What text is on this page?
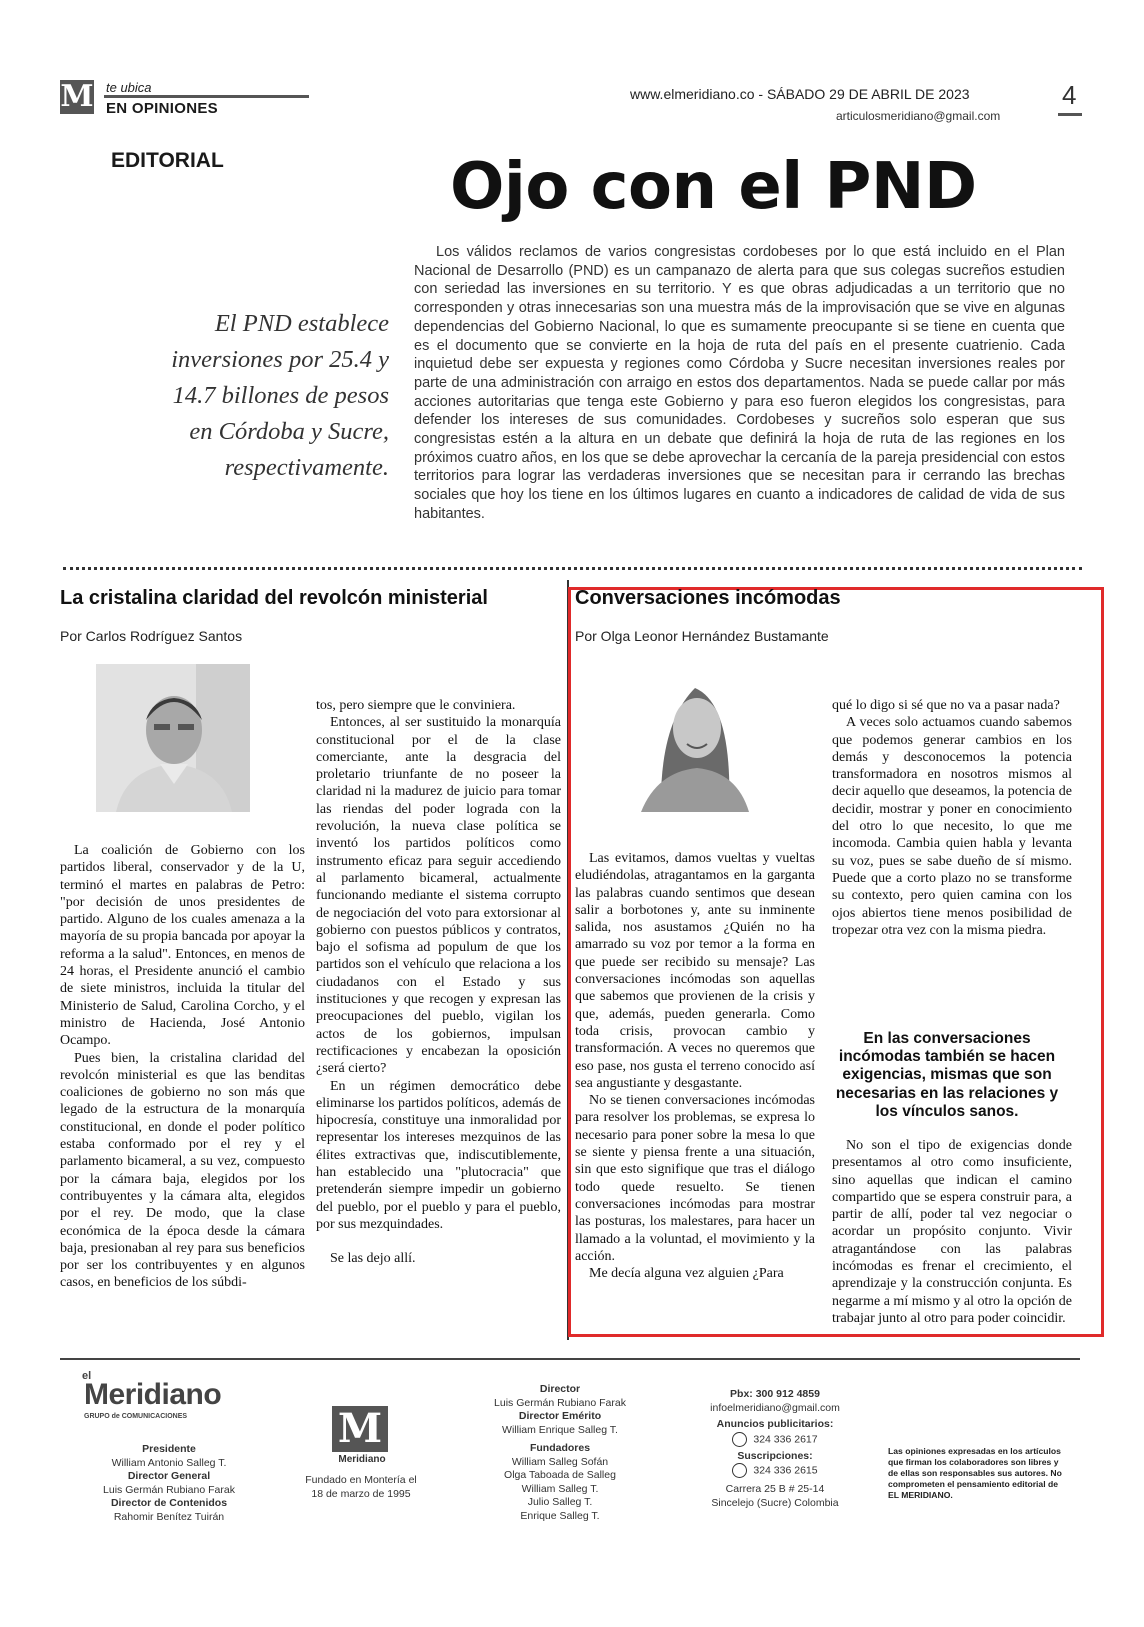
M te ubica
EN OPINIONES
www.elmeridiano.co - SÁBADO 29 DE ABRIL DE 2023
articulosmeridiano@gmail.com
4
EDITORIAL	Ojo con el PND
El PND establece inversiones por 25.4 y 14.7 billones de pesos en Córdoba y Sucre, respectivamente.
Los válidos reclamos de varios congresistas cordobeses por lo que está incluido en el Plan Nacional de Desarrollo (PND) es un campanazo de alerta para que sus colegas sucreños estudien con seriedad las inversiones en su territorio. Y es que obras adjudicadas a un territorio que no corresponden y otras innecesarias son una muestra más de la improvisación que se vive en algunas dependencias del Gobierno Nacional, lo que es sumamente preocupante si se tiene en cuenta que es el documento que se convierte en la hoja de ruta del país en el presente cuatrienio. Cada inquietud debe ser expuesta y regiones como Córdoba y Sucre necesitan inversiones reales por parte de una administración con arraigo en estos dos departamentos. Nada se puede callar por más acciones autoritarias que tenga este Gobierno y para eso fueron elegidos los congresistas, para defender los intereses de sus comunidades. Cordobeses y sucreños solo esperan que sus congresistas estén a la altura en un debate que definirá la hoja de ruta de las regiones en los próximos cuatro años, en los que se debe aprovechar la cercanía de la pareja presidencial con estos territorios para lograr las verdaderas inversiones que se necesitan para ir cerrando las brechas sociales que hoy los tiene en los últimos lugares en cuanto a indicadores de calidad de vida de sus habitantes.
La cristalina claridad del revolcón ministerial
Por Carlos Rodríguez Santos

La coalición de Gobierno con los partidos liberal, conservador y de la U, terminó el martes en palabras de Petro: "por decisión de unos presidentes de partido. Alguno de los cuales amenaza a la mayoría de su propia bancada por apoyar la reforma a la salud". Entonces, en menos de 24 horas, el Presidente anunció el cambio de siete ministros, incluida la titular del Ministerio de Salud, Carolina Corcho, y el ministro de Hacienda, José Antonio Ocampo.

Pues bien, la cristalina claridad del revolcón ministerial es que las benditas coaliciones de gobierno no son más que legado de la estructura de la monarquía constitucional, en donde el poder político estaba conformado por el rey y el parlamento bicameral, a su vez, compuesto por la cámara baja, elegidos por los contribuyentes y la cámara alta, elegidos por el rey. De modo, que la clase económica de la época desde la cámara baja, presionaban al rey para sus beneficios por ser los contribuyentes y en algunos casos, en beneficios de los súbdi-

tos, pero siempre que le conviniera.

Entonces, al ser sustituido la monarquía constitucional por el de la clase comerciante, ante la desgracia del proletario triunfante de no poseer la claridad ni la madurez de juicio para tomar las riendas del poder lograda con la revolución, la nueva clase política se inventó los partidos políticos como instrumento eficaz para seguir accediendo al parlamento bicameral, actualmente funcionando mediante el sistema corrupto de negociación del voto para extorsionar al gobierno con puestos públicos y contratos, bajo el sofisma ad populum de que los partidos son el vehículo que relaciona a los ciudadanos con el Estado y sus instituciones y que recogen y expresan las preocupaciones del pueblo, vigilan los actos de los gobiernos, impulsan rectificaciones y encabezan la oposición ¿será cierto?

En un régimen democrático debe eliminarse los partidos políticos, además de hipocresía, constituye una inmoralidad por representar los intereses mezquinos de las élites extractivas que, indiscutiblemente, han establecido una "plutocracia" que pretenderán siempre impedir un gobierno del pueblo, por el pueblo y para el pueblo, por sus mezquindades.

Se las dejo allí.

Conversaciones incómodas
Por Olga Leonor Hernández Bustamante

Las evitamos, damos vueltas y vueltas eludiéndolas, atragantamos en la garganta las palabras cuando sentimos que desean salir a borbotones y, ante su inminente salida, nos asustamos ¿Quién no ha amarrado su voz por temor a la forma en que puede ser recibido su mensaje? Las conversaciones incómodas son aquellas que sabemos que provienen de la crisis y que, además, pueden generarla. Como toda crisis, provocan cambio y transformación. A veces no queremos que eso pase, nos gusta el terreno conocido así sea angustiante y desgastante.

No se tienen conversaciones incómodas para resolver los problemas, se expresa lo necesario para poner sobre la mesa lo que se siente y piensa frente a una situación, sin que esto signifique que tras el diálogo todo quede resuelto. Se tienen conversaciones incómodas para mostrar las posturas, los malestares, para hacer un llamado a la voluntad, el movimiento y la acción.

Me decía alguna vez alguien ¿Para

qué lo digo si sé que no va a pasar nada?

A veces solo actuamos cuando sabemos que podemos generar cambios en los demás y desconocemos la potencia transformadora en nosotros mismos al decir aquello que deseamos, la potencia de decidir, mostrar y poner en conocimiento del otro lo que necesito, lo que me incomoda. Cambia quien habla y levanta su voz, pues se sabe dueño de sí mismo. Puede que a corto plazo no se transforme su contexto, pero quien camina con los ojos abiertos tiene menos posibilidad de tropezar otra vez con la misma piedra.

En las conversaciones incómodas también se hacen exigencias, mismas que son necesarias en las relaciones y los vínculos sanos.

No son el tipo de exigencias donde presentamos al otro como insuficiente, sino aquellas que indican el camino compartido que se espera construir para, a partir de allí, poder tal vez negociar o acordar un propósito conjunto. Vivir atragantándose con las palabras incómodas es frenar el crecimiento, el aprendizaje y la construcción conjunta. Es negarme a mí mismo y al otro la opción de trabajar junto al otro para poder coincidir.

el
Meridiano
GRUPO de COMUNICACIONES
Presidente
William Antonio Salleg T.
Director General
Luis Germán Rubiano Farak
Director de Contenidos
Rahomir Benítez Tuirán
M
Meridiano
Fundado en Montería el 18 de marzo de 1995
Director
Luis Germán Rubiano Farak
Director Emérito
William Enrique Salleg T.
Fundadores
William Salleg Sofán
Olga Taboada de Salleg
William Salleg T.
Julio Salleg T.
Enrique Salleg T.
Pbx: 300 912 4859
infoelmeridiano@gmail.com
Anuncios publicitarios:
324 336 2617
Suscripciones:
324 336 2615
Carrera 25 B # 25-14
Sincelejo (Sucre) Colombia
Las opiniones expresadas en los artículos que firman los colaboradores son libres y de ellas son responsables sus autores. No comprometen el pensamiento editorial de EL MERIDIANO.
